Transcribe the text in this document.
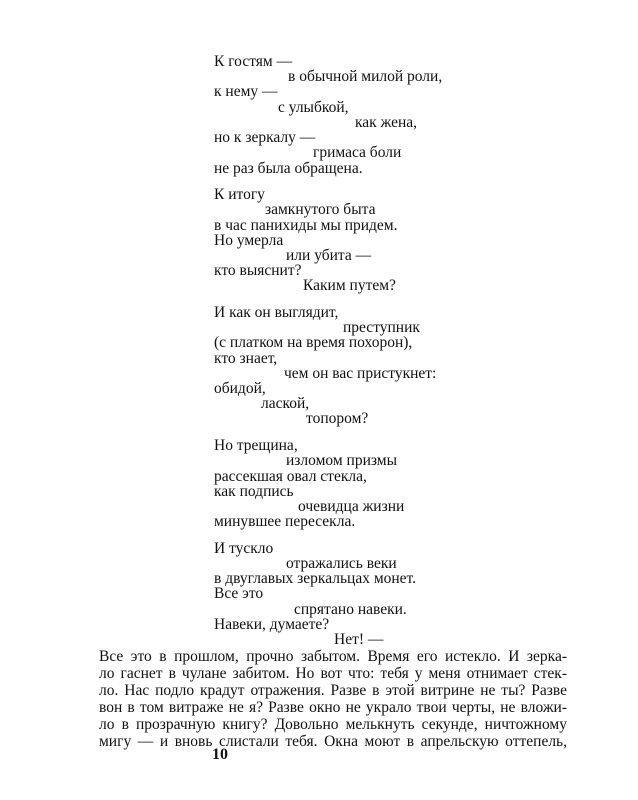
К гостям —
в обычной милой роли,
к нему —
с улыбкой,
как жена,
но к зеркалу —
гримаса боли
не раз была обращена.
К итогу
замкнутого быта
в час панихиды мы придем.
Но умерла
или убита —
кто выяснит?
Каким путем?
И как он выглядит,
преступник
(с платком на время похорон),
кто знает,
чем он вас пристукнет:
обидой,
лаской,
топором?
Но трещина,
изломом призмы
рассекшая овал стекла,
как подпись
очевидца жизни
минувшее пересекла.
И тускло
отражались веки
в двуглавых зеркальцах монет.
Все это
спрятано навеки.
Навеки, думаете?
Нет! —
Все это в прошлом, прочно забытом. Время его истекло. И зерка-
ло гаснет в чулане забитом. Но вот что: тебя у меня отнимает стек-
ло. Нас подло крадут отражения. Разве в этой витрине не ты? Разве
вон в том витраже не я? Разве окно не украло твои черты, не вложи-
ло в прозрачную книгу? Довольно мелькнуть секунде, ничтожному
мигу — и вновь слистали тебя. Окна моют в апрельскую оттепель,
10
